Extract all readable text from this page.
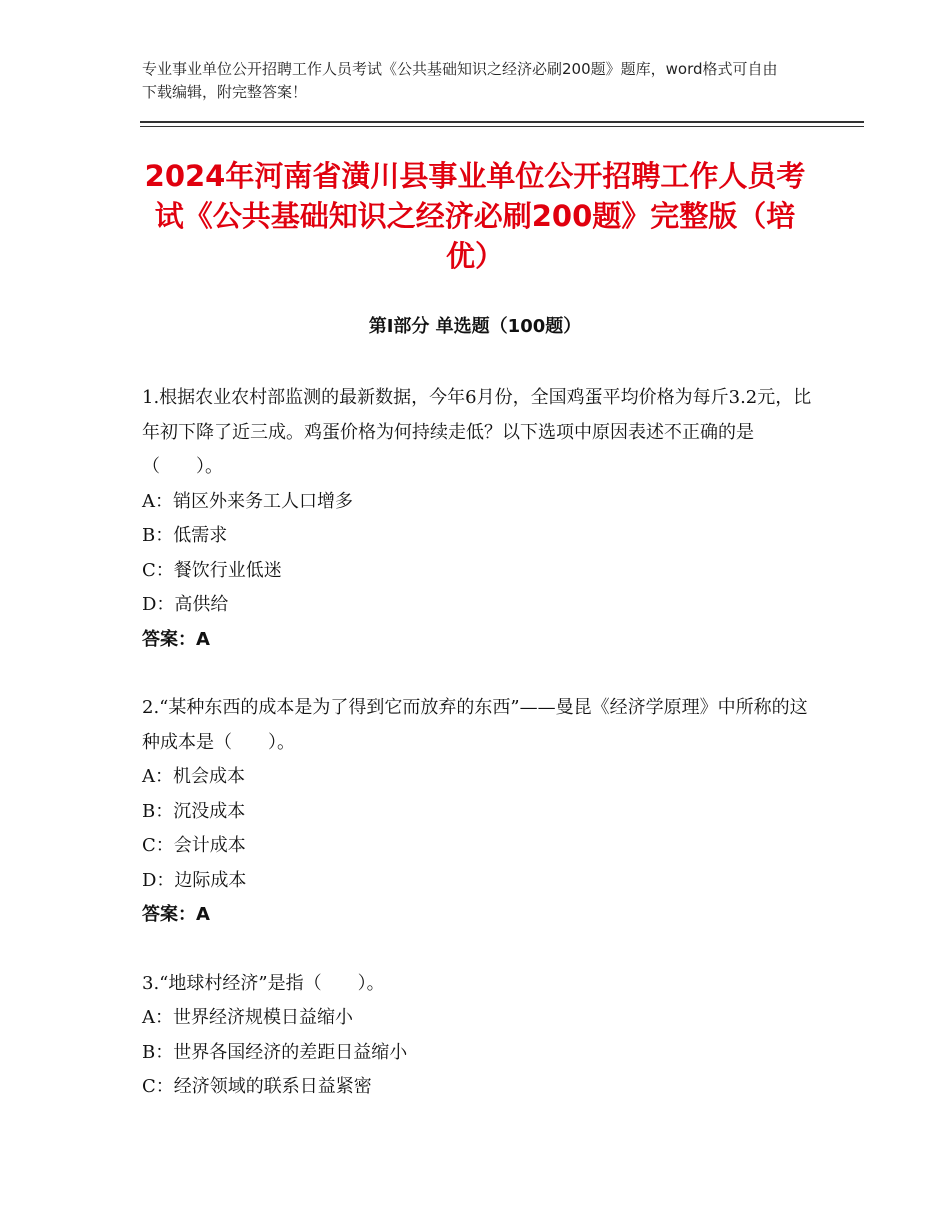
专业事业单位公开招聘工作人员考试《公共基础知识之经济必刷200题》题库，word格式可自由下载编辑，附完整答案！
2024年河南省潢川县事业单位公开招聘工作人员考试《公共基础知识之经济必刷200题》完整版（培优）
第Ⅰ部分 单选题（100题）

1.根据农业农村部监测的最新数据，今年6月份，全国鸡蛋平均价格为每斤3.2元，比年初下降了近三成。鸡蛋价格为何持续走低？以下选项中原因表述不正确的是（　　）。

A：销区外来务工人口增多

B：低需求

C：餐饮行业低迷

D：高供给

答案：A

2.“某种东西的成本是为了得到它而放弃的东西”——曼昆《经济学原理》中所称的这种成本是（　　）。

A：机会成本

B：沉没成本

C：会计成本

D：边际成本

答案：A

3.“地球村经济”是指（　　）。

A：世界经济规模日益缩小

B：世界各国经济的差距日益缩小

C：经济领域的联系日益紧密
